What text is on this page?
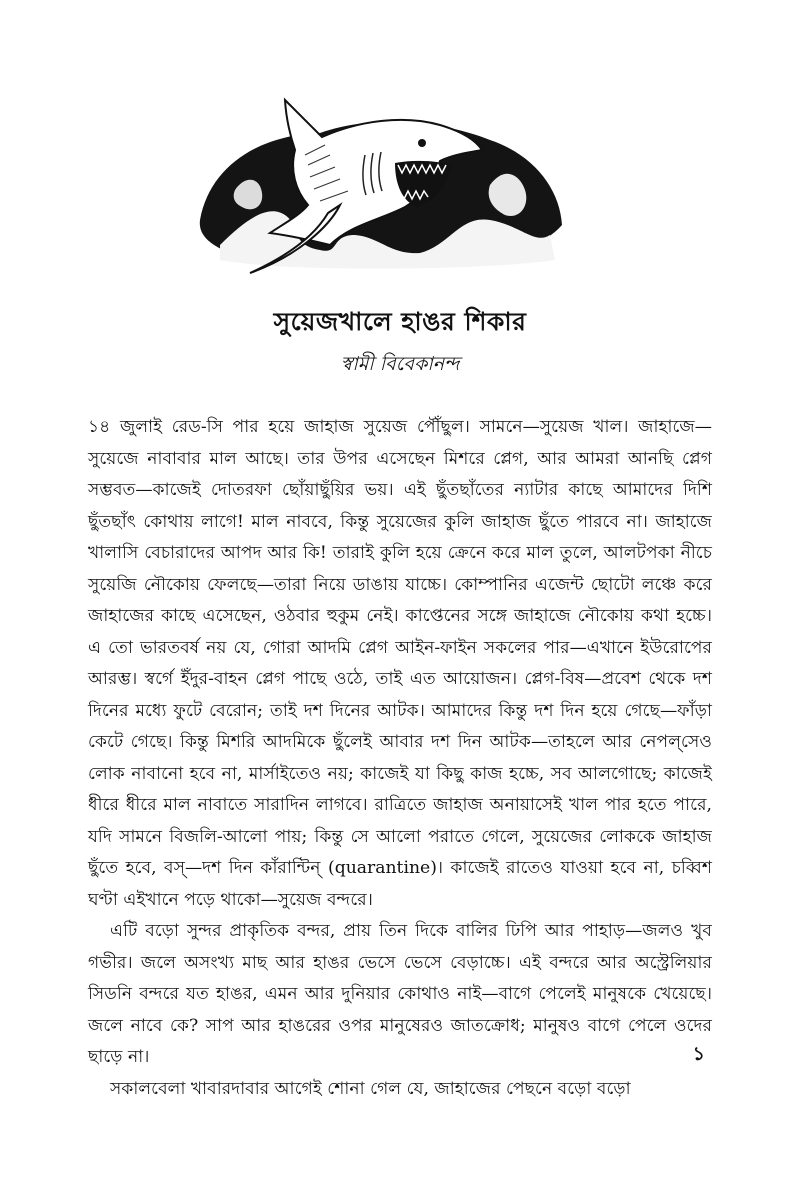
সুয়েজখালে হাঙর শিকার
স্বামী বিবেকানন্দ

১৪ জুলাই রেড-সি পার হয়ে জাহাজ সুয়েজ পৌঁছুল। সামনে—সুয়েজ খাল। জাহাজে—সুয়েজে নাবাবার মাল আছে। তার উপর এসেছেন মিশরে প্লেগ, আর আমরা আনছি প্লেগ সম্ভবত—কাজেই দোতরফা ছোঁয়াছুঁয়ির ভয়। এই ছুঁতছাঁতের ন্যাটার কাছে আমাদের দিশি ছুঁতছাঁৎ কোথায় লাগে! মাল নাববে, কিন্তু সুয়েজের কুলি জাহাজ ছুঁতে পারবে না। জাহাজে খালাসি বেচারাদের আপদ আর কি! তারাই কুলি হয়ে ক্রেনে করে মাল তুলে, আলটপকা নীচে সুয়েজি নৌকোয় ফেলছে—তারা নিয়ে ডাঙায় যাচ্চে। কোম্পানির এজেন্ট ছোটো লঞ্চে করে জাহাজের কাছে এসেছেন, ওঠবার হুকুম নেই। কাপ্তেনের সঙ্গে জাহাজে নৌকোয় কথা হচ্চে। এ তো ভারতবর্ষ নয় যে, গোরা আদমি প্লেগ আইন-ফাইন সকলের পার—এখানে ইউরোপের আরম্ভ। স্বর্গে ইঁদুর-বাহন প্লেগ পাছে ওঠে, তাই এত আয়োজন। প্লেগ-বিষ—প্রবেশ থেকে দশ দিনের মধ্যে ফুটে বেরোন; তাই দশ দিনের আটক। আমাদের কিন্তু দশ দিন হয়ে গেছে—ফাঁড়া কেটে গেছে। কিন্তু মিশরি আদমিকে ছুঁলেই আবার দশ দিন আটক—তাহলে আর নেপল্‌সেও লোক নাবানো হবে না, মার্সাইতেও নয়; কাজেই যা কিছু কাজ হচ্চে, সব আলগোছে; কাজেই ধীরে ধীরে মাল নাবাতে সারাদিন লাগবে। রাত্রিতে জাহাজ অনায়াসেই খাল পার হতে পারে, যদি সামনে বিজলি-আলো পায়; কিন্তু সে আলো পরাতে গেলে, সুয়েজের লোককে জাহাজ ছুঁতে হবে, বস্—দশ দিন কাঁরান্টিন্ (quarantine)। কাজেই রাতেও যাওয়া হবে না, চব্বিশ ঘণ্টা এইখানে পড়ে থাকো—সুয়েজ বন্দরে।

এটি বড়ো সুন্দর প্রাকৃতিক বন্দর, প্রায় তিন দিকে বালির ঢিপি আর পাহাড়—জলও খুব গভীর। জলে অসংখ্য মাছ আর হাঙর ভেসে ভেসে বেড়াচ্চে। এই বন্দরে আর অস্ট্রেলিয়ার সিডনি বন্দরে যত হাঙর, এমন আর দুনিয়ার কোথাও নাই—বাগে পেলেই মানুষকে খেয়েছে। জলে নাবে কে? সাপ আর হাঙরের ওপর মানুষেরও জাতক্রোধ; মানুষও বাগে পেলে ওদের ছাড়ে না।

সকালবেলা খাবারদাবার আগেই শোনা গেল যে, জাহাজের পেছনে বড়ো বড়ো

১
